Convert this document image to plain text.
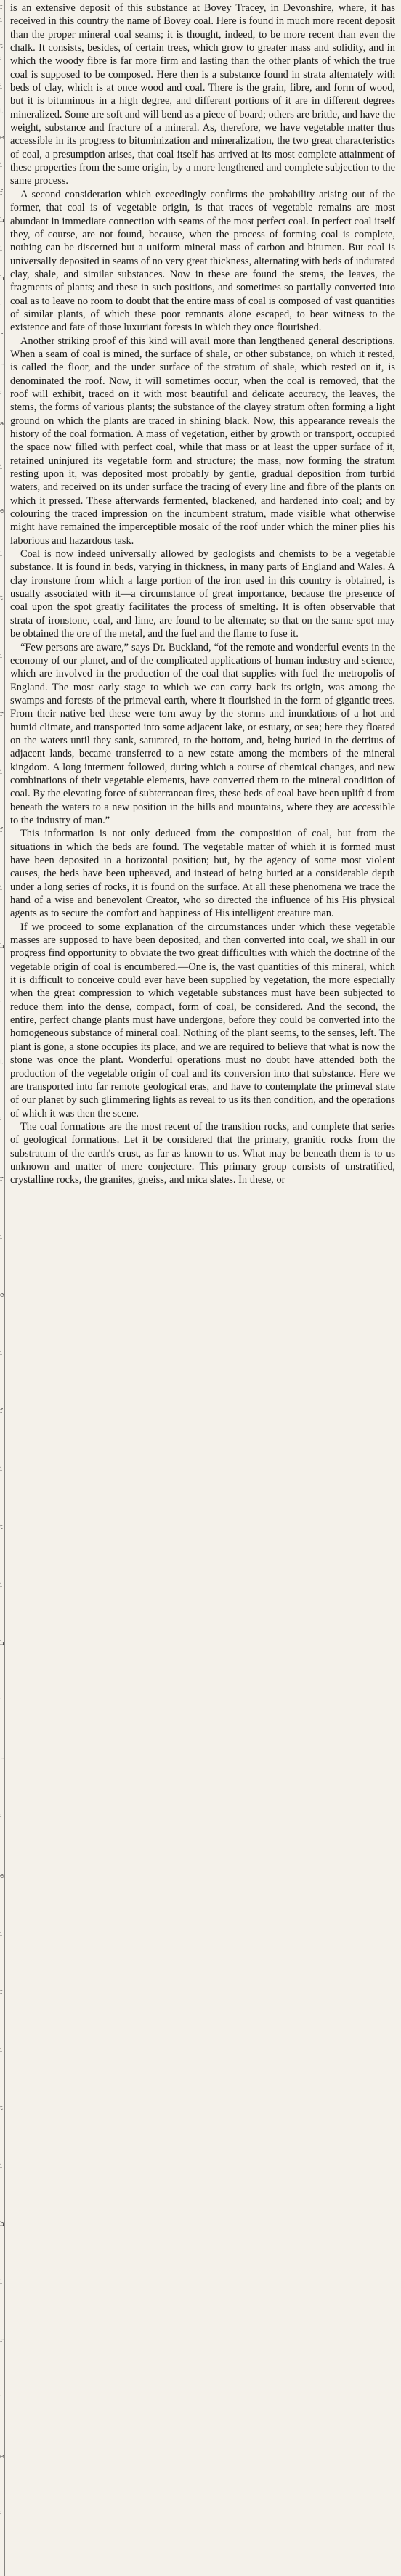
f
i
t
i
i
t
e
i
f
h
i
h
i
f
r
i
a
i
e
i
t
i
r
i
f
i
h
i
t
i
r
i
e
i
f
i
t
i
h
i
r
i
e
i
f
i
t
i
h
i
r
i
e
i

is an extensive deposit of this substance at Bovey Tracey, in Devonshire, where, it has received in this country the name of Bovey coal. Here is found in much more recent deposit than the proper mineral coal seams; it is thought, indeed, to be more recent than even the chalk. It consists, besides, of certain trees, which grow to greater mass and solidity, and in which the woody fibre is far more firm and lasting than the other plants of which the true coal is supposed to be composed. Here then is a substance found in strata alternately with beds of clay, which is at once wood and coal. There is the grain, fibre, and form of wood, but it is bituminous in a high degree, and different portions of it are in different degrees mineralized. Some are soft and will bend as a piece of board; others are brittle, and have the weight, substance and fracture of a mineral. As, therefore, we have vegetable matter thus accessible in its progress to bituminization and mineralization, the two great characteristics of coal, a presumption arises, that coal itself has arrived at its most complete attainment of these properties from the same origin, by a more lengthened and complete subjection to the same process.

A second consideration which exceedingly confirms the probability arising out of the former, that coal is of vegetable origin, is that traces of vegetable remains are most abundant in immediate connection with seams of the most perfect coal. In perfect coal itself they, of course, are not found, because, when the process of forming coal is complete, nothing can be discerned but a uniform mineral mass of carbon and bitumen. But coal is universally deposited in seams of no very great thickness, alternating with beds of indurated clay, shale, and similar substances. Now in these are found the stems, the leaves, the fragments of plants; and these in such positions, and sometimes so partially converted into coal as to leave no room to doubt that the entire mass of coal is composed of vast quantities of similar plants, of which these poor remnants alone escaped, to bear witness to the existence and fate of those luxuriant forests in which they once flourished.

Another striking proof of this kind will avail more than lengthened general descriptions. When a seam of coal is mined, the surface of shale, or other substance, on which it rested, is called the floor, and the under surface of the stratum of shale, which rested on it, is denominated the roof. Now, it will sometimes occur, when the coal is removed, that the roof will exhibit, traced on it with most beautiful and delicate accuracy, the leaves, the stems, the forms of various plants; the substance of the clayey stratum often forming a light ground on which the plants are traced in shining black. Now, this appearance reveals the history of the coal formation. A mass of vegetation, either by growth or transport, occupied the space now filled with perfect coal, while that mass or at least the upper surface of it, retained uninjured its vegetable form and structure; the mass, now forming the stratum resting upon it, was deposited most probably by gentle, gradual deposition from turbid waters, and received on its under surface the tracing of every line and fibre of the plants on which it pressed. These afterwards fermented, blackened, and hardened into coal; and by colouring the traced impression on the incumbent stratum, made visible what otherwise might have remained the imperceptible mosaic of the roof under which the miner plies his laborious and hazardous task.

Coal is now indeed universally allowed by geologists and chemists to be a vegetable substance. It is found in beds, varying in thickness, in many parts of England and Wales. A clay ironstone from which a large portion of the iron used in this country is obtained, is usually associated with it—a circumstance of great importance, because the presence of coal upon the spot greatly facilitates the process of smelting. It is often observable that strata of ironstone, coal, and lime, are found to be alternate; so that on the same spot may be obtained the ore of the metal, and the fuel and the flame to fuse it.

“Few persons are aware,” says Dr. Buckland, “of the remote and wonderful events in the economy of our planet, and of the complicated applications of human industry and science, which are involved in the production of the coal that supplies with fuel the metropolis of England. The most early stage to which we can carry back its origin, was among the swamps and forests of the primeval earth, where it flourished in the form of gigantic trees. From their native bed these were torn away by the storms and inundations of a hot and humid climate, and transported into some adjacent lake, or estuary, or sea; here they floated on the waters until they sank, saturated, to the bottom, and, being buried in the detritus of adjacent lands, became transferred to a new estate among the members of the mineral kingdom. A long interment followed, during which a course of chemical changes, and new combinations of their vegetable elements, have converted them to the mineral condition of coal. By the elevating force of subterranean fires, these beds of coal have been uplift d from beneath the waters to a new position in the hills and mountains, where they are accessible to the industry of man.”

This information is not only deduced from the composition of coal, but from the situations in which the beds are found. The vegetable matter of which it is formed must have been deposited in a horizontal position; but, by the agency of some most violent causes, the beds have been upheaved, and instead of being buried at a considerable depth under a long series of rocks, it is found on the surface. At all these phenomena we trace the hand of a wise and benevolent Creator, who so directed the influence of his His physical agents as to secure the comfort and happiness of His intelligent creature man.

If we proceed to some explanation of the circumstances under which these vegetable masses are supposed to have been deposited, and then converted into coal, we shall in our progress find opportunity to obviate the two great difficulties with which the doctrine of the vegetable origin of coal is encumbered.—One is, the vast quantities of this mineral, which it is difficult to conceive could ever have been supplied by vegetation, the more especially when the great compression to which vegetable substances must have been subjected to reduce them into the dense, compact, form of coal, be considered. And the second, the entire, perfect change plants must have undergone, before they could be converted into the homogeneous substance of mineral coal. Nothing of the plant seems, to the senses, left. The plant is gone, a stone occupies its place, and we are required to believe that what is now the stone was once the plant. Wonderful operations must no doubt have attended both the production of the vegetable origin of coal and its conversion into that substance. Here we are transported into far remote geological eras, and have to contemplate the primeval state of our planet by such glimmering lights as reveal to us its then condition, and the operations of which it was then the scene.

The coal formations are the most recent of the transition rocks, and complete that series of geological formations. Let it be considered that the primary, granitic rocks from the substratum of the earth's crust, as far as known to us. What may be beneath them is to us unknown and matter of mere conjecture. This primary group consists of unstratified, crystalline rocks, the granites, gneiss, and mica slates. In these, or
